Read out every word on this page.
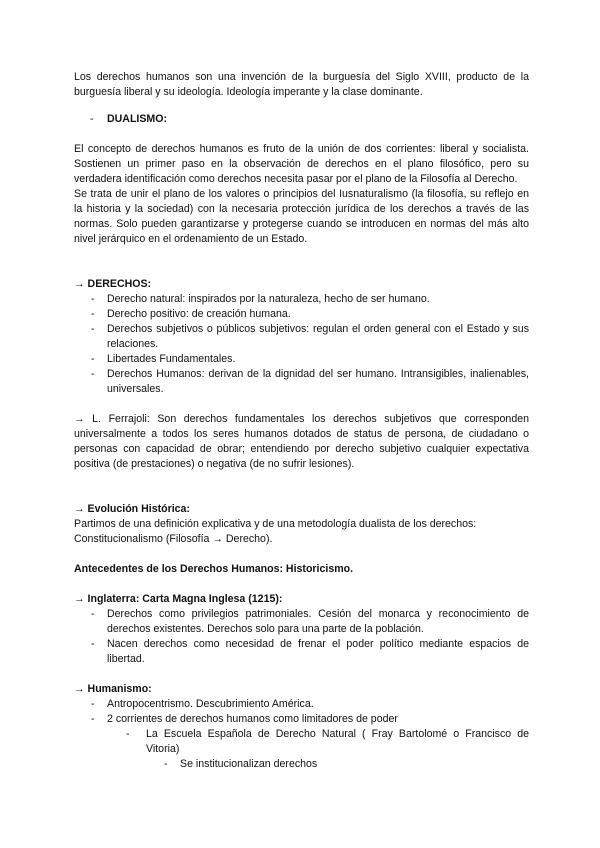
Los derechos humanos son una invención de la burguesía del Siglo XVIII, producto de la burguesía liberal y su ideología. Ideología imperante y la clase dominante.

- DUALISMO:

El concepto de derechos humanos es fruto de la unión de dos corrientes: liberal y socialista. Sostienen un primer paso en la observación de derechos en el plano filosófico, pero su verdadera identificación como derechos necesita pasar por el plano de la Filosofía al Derecho.

Se trata de unir el plano de los valores o principios del Iusnaturalismo (la filosofía, su reflejo en la historia y la sociedad) con la necesaria protección jurídica de los derechos a través de las normas. Solo pueden garantizarse y protegerse cuando se introducen en normas del más alto nivel jerárquico en el ordenamiento de un Estado.

→ DERECHOS:

- Derecho natural: inspirados por la naturaleza, hecho de ser humano.
- Derecho positivo: de creación humana.
- Derechos subjetivos o públicos subjetivos: regulan el orden general con el Estado y sus relaciones.
- Libertades Fundamentales.
- Derechos Humanos: derivan de la dignidad del ser humano. Intransigibles, inalienables, universales.

→ L. Ferrajoli: Son derechos fundamentales los derechos subjetivos que corresponden universalmente a todos los seres humanos dotados de status de persona, de ciudadano o personas con capacidad de obrar; entendiendo por derecho subjetivo cualquier expectativa positiva (de prestaciones) o negativa (de no sufrir lesiones).

→ Evolución Histórica:

Partimos de una definición explicativa y de una metodología dualista de los derechos:

Constitucionalismo (Filosofía → Derecho).

Antecedentes de los Derechos Humanos: Historicismo.

→ Inglaterra: Carta Magna Inglesa (1215):

- Derechos como privilegios patrimoniales. Cesión del monarca y reconocimiento de derechos existentes. Derechos solo para una parte de la población.
- Nacen derechos como necesidad de frenar el poder político mediante espacios de libertad.

→ Humanismo:

- Antropocentrismo. Descubrimiento América.
- 2 corrientes de derechos humanos como limitadores de poder
- La Escuela Española de Derecho Natural ( Fray Bartolomé o Francisco de Vitoria)
- Se institucionalizan derechos
